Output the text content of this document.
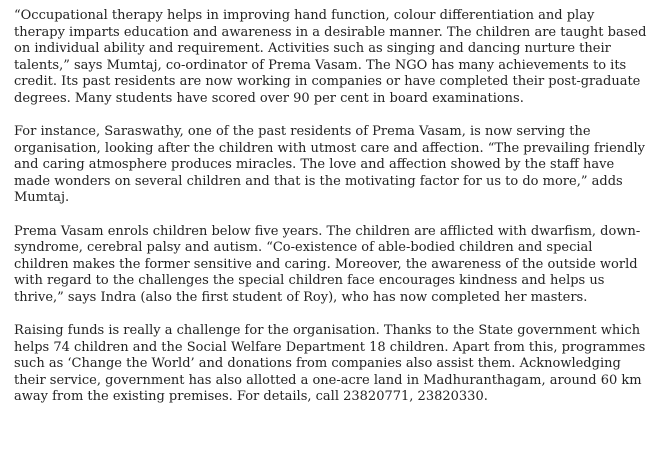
“Occupational therapy helps in improving hand function, colour differentiation and play therapy imparts education and awareness in a desirable manner. The children are taught based on individual ability and requirement. Activities such as singing and dancing nurture their talents,” says Mumtaj, co-ordinator of Prema Vasam. The NGO has many achievements to its credit. Its past residents are now working in companies or have completed their post-graduate degrees. Many students have scored over 90 per cent in board examinations.

For instance, Saraswathy, one of the past residents of Prema Vasam, is now serving the organisation, looking after the children with utmost care and affection. “The prevailing friendly and caring atmosphere produces miracles. The love and affection showed by the staff have made wonders on several children and that is the motivating factor for us to do more,” adds Mumtaj.

Prema Vasam enrols children below five years. The children are afflicted with dwarfism, down-syndrome, cerebral palsy and autism. “Co-existence of able-bodied children and special children makes the former sensitive and caring. Moreover, the awareness of the outside world with regard to the challenges the special children face encourages kindness and helps us thrive,” says Indra (also the first student of Roy), who has now completed her masters.

Raising funds is really a challenge for the organisation. Thanks to the State government which helps 74 children and the Social Welfare Department 18 children. Apart from this, programmes such as ‘Change the World’ and donations from companies also assist them. Acknowledging their service, government has also allotted a one-acre land in Madhuranthagam, around 60 km away from the existing premises. For details, call 23820771, 23820330.
